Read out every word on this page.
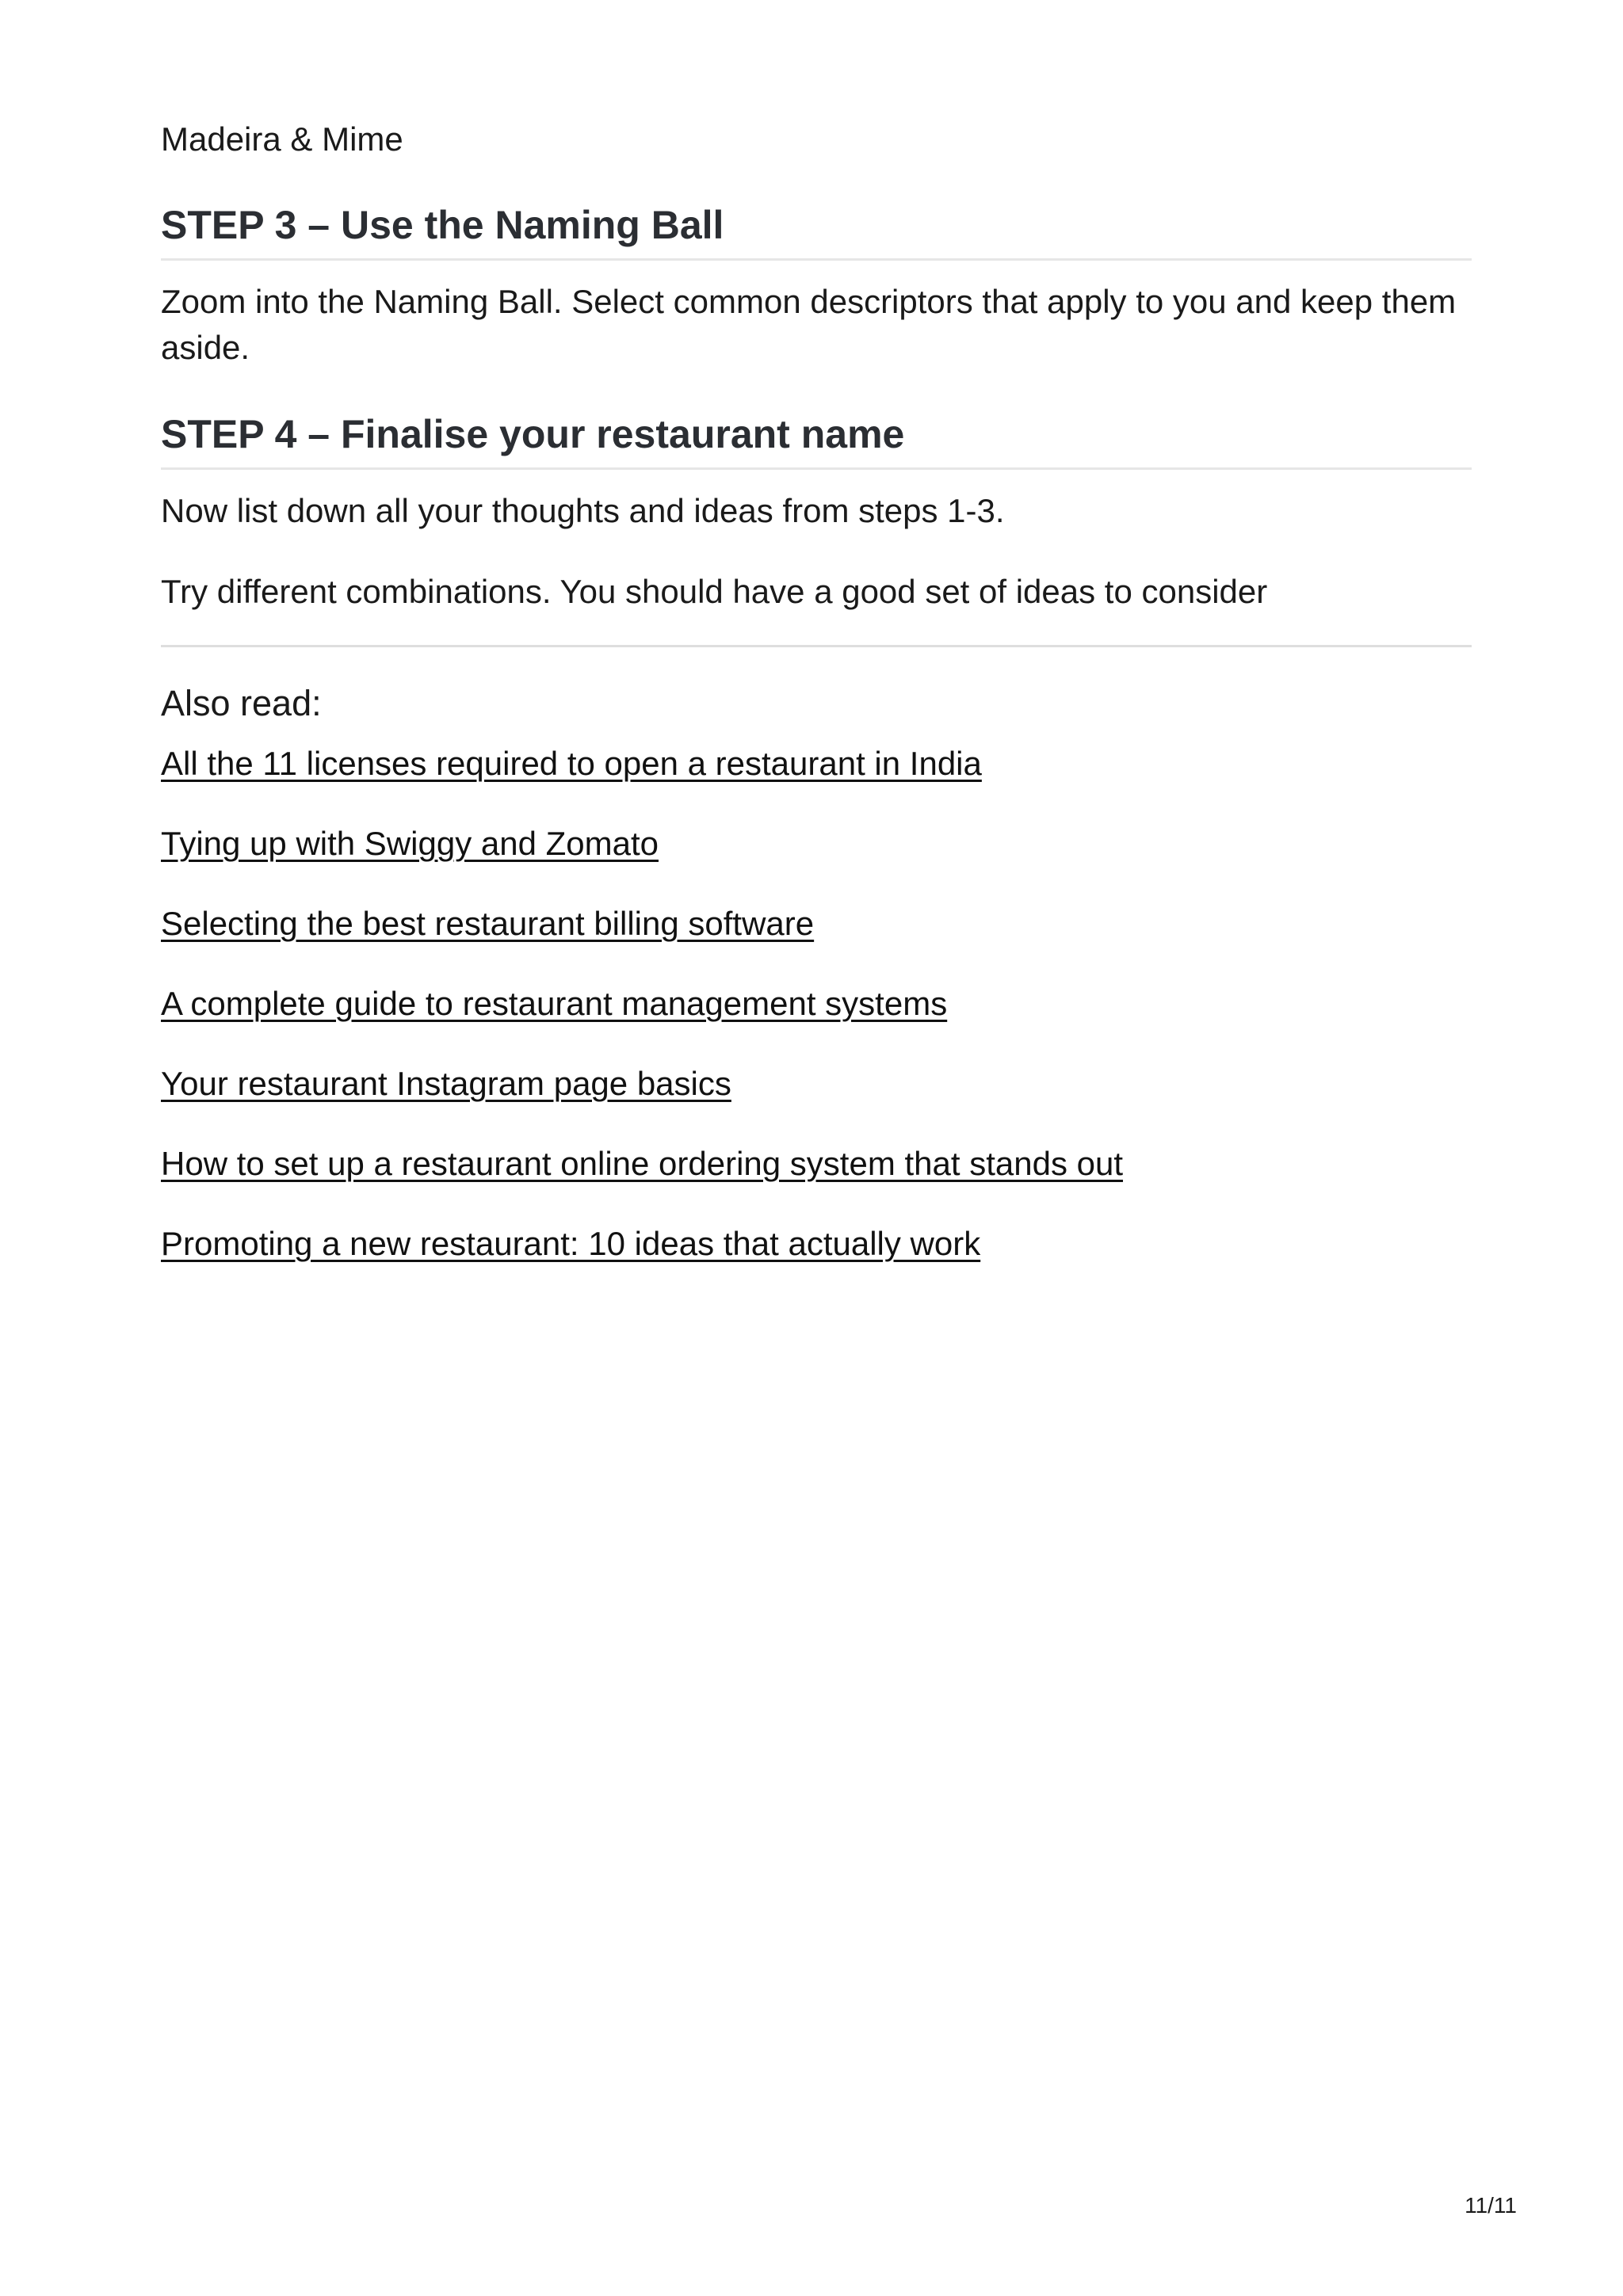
Madeira & Mime
STEP 3 – Use the Naming Ball

Zoom into the Naming Ball. Select common descriptors that apply to you and keep them aside.

STEP 4 – Finalise your restaurant name

Now list down all your thoughts and ideas from steps 1-3.

Try different combinations. You should have a good set of ideas to consider

Also read:
All the 11 licenses required to open a restaurant in India
Tying up with Swiggy and Zomato
Selecting the best restaurant billing software
A complete guide to restaurant management systems
Your restaurant Instagram page basics
How to set up a restaurant online ordering system that stands out
Promoting a new restaurant: 10 ideas that actually work
11/11
